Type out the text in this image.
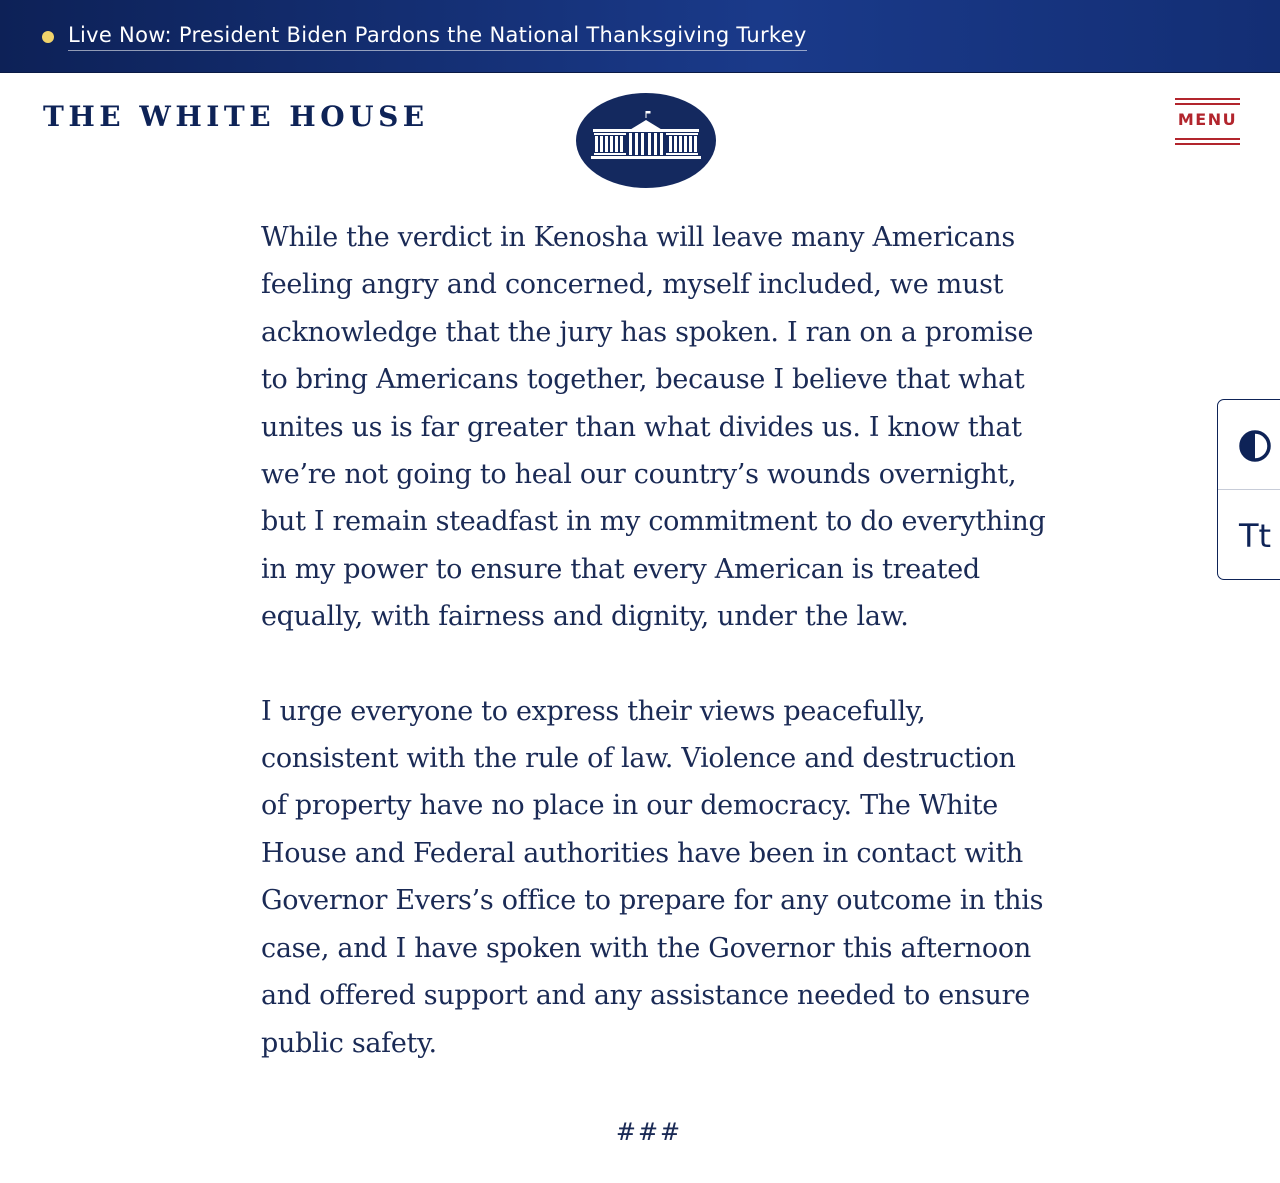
Live Now: President Biden Pardons the National Thanksgiving Turkey
THE WHITE HOUSE	MENU
Tt

While the verdict in Kenosha will leave many Americans
feeling angry and concerned, myself included, we must
acknowledge that the jury has spoken. I ran on a promise
to bring Americans together, because I believe that what
unites us is far greater than what divides us. I know that
we’re not going to heal our country’s wounds overnight,
but I remain steadfast in my commitment to do everything
in my power to ensure that every American is treated
equally, with fairness and dignity, under the law.

I urge everyone to express their views peacefully,
consistent with the rule of law. Violence and destruction
of property have no place in our democracy. The White
House and Federal authorities have been in contact with
Governor Evers’s office to prepare for any outcome in this
case, and I have spoken with the Governor this afternoon
and offered support and any assistance needed to ensure
public safety.

###
